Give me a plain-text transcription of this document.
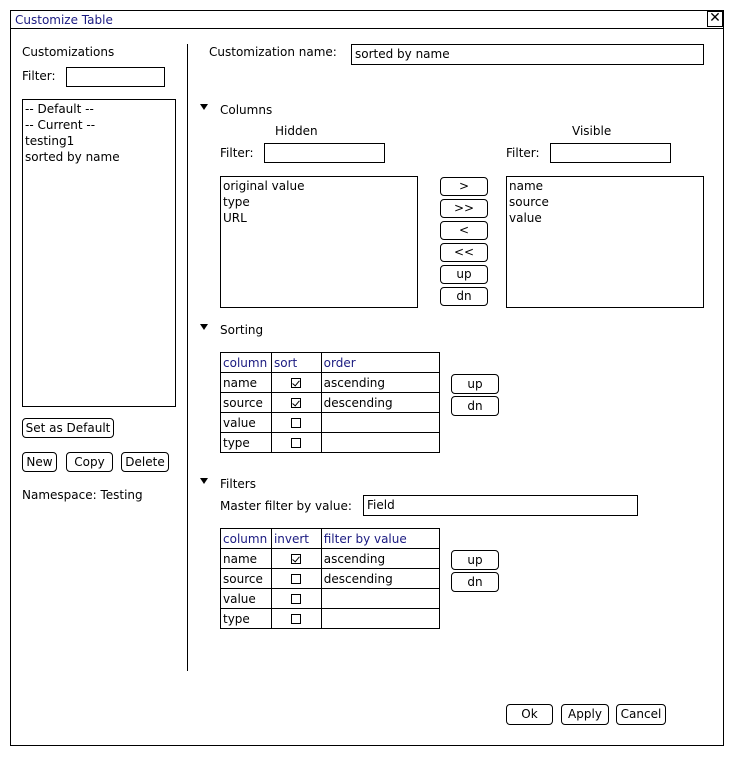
Customize Table	✕
Customizations
Filter:
-- Default --
-- Current --
testing1
sorted by name
Set as Default
New	Copy	Delete
Namespace: Testing
Customization name:	sorted by name
Columns
Hidden	Visible
Filter:	Filter:
original value
type
URL
name
source
value
>
>>
<
<<
up
dn
Sorting
column	sort	order
name		ascending
source		descending
value		
type		
up
dn
Filters
Master filter by value:	Field
column	invert	filter by value
name		ascending
source		descending
value		
type		
up
dn
Ok	Apply	Cancel
